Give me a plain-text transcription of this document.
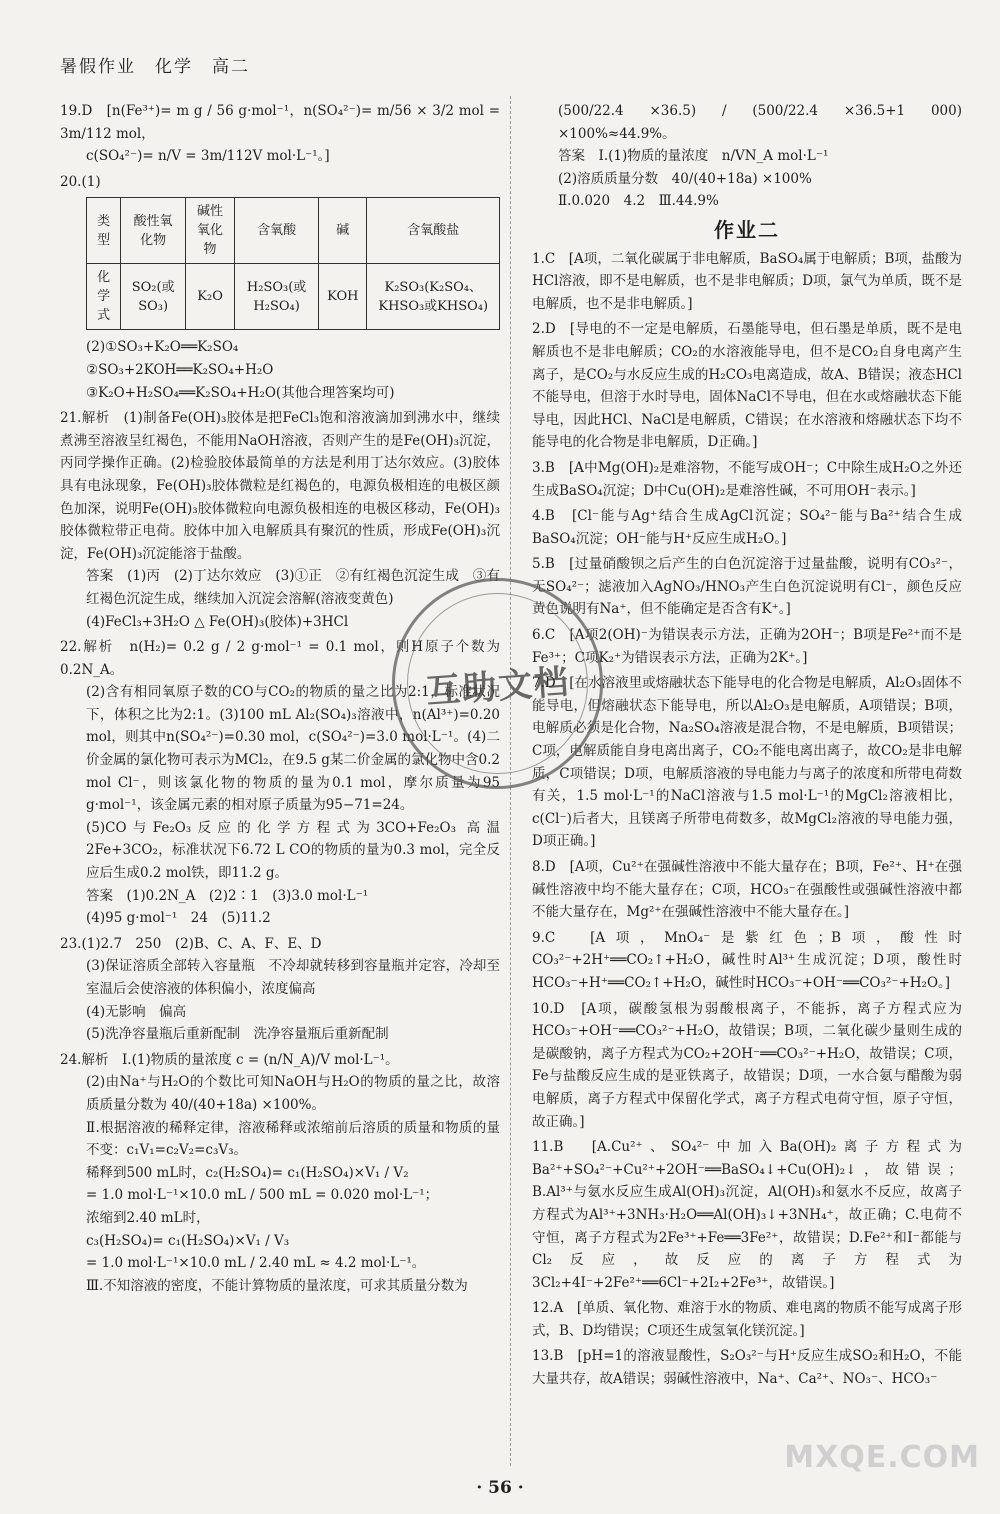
暑假作业　化学　高二

19.D　[n(Fe³⁺)= m g / 56 g·mol⁻¹，n(SO₄²⁻)= m/56 × 3/2 mol = 3m/112 mol，

c(SO₄²⁻)= n/V = 3m/112V mol·L⁻¹。]

20.(1)

类型	酸性氧化物	碱性氧化物	含氧酸	碱	含氧酸盐
化学式	SO₂(或SO₃)	K₂O	H₂SO₃(或H₂SO₄)	KOH	K₂SO₃(K₂SO₄、KHSO₃或KHSO₄)

(2)①SO₃+K₂O══K₂SO₄

②SO₃+2KOH══K₂SO₄+H₂O

③K₂O+H₂SO₄══K₂SO₄+H₂O(其他合理答案均可)

21.解析　(1)制备Fe(OH)₃胶体是把FeCl₃饱和溶液滴加到沸水中，继续煮沸至溶液呈红褐色，不能用NaOH溶液，否则产生的是Fe(OH)₃沉淀，丙同学操作正确。(2)检验胶体最简单的方法是利用丁达尔效应。(3)胶体具有电泳现象，Fe(OH)₃胶体微粒是红褐色的，电源负极相连的电极区颜色加深，说明Fe(OH)₃胶体微粒向电源负极相连的电极区移动，Fe(OH)₃胶体微粒带正电荷。胶体中加入电解质具有聚沉的性质，形成Fe(OH)₃沉淀，Fe(OH)₃沉淀能溶于盐酸。

答案　(1)丙　(2)丁达尔效应　(3)①正　②有红褐色沉淀生成　③有红褐色沉淀生成，继续加入沉淀会溶解(溶液变黄色)

(4)FeCl₃+3H₂O △ Fe(OH)₃(胶体)+3HCl

22.解析　n(H₂)= 0.2 g / 2 g·mol⁻¹ = 0.1 mol，则H原子个数为0.2N_A。

(2)含有相同氧原子数的CO与CO₂的物质的量之比为2:1，标准状况下，体积之比为2:1。(3)100 mL Al₂(SO₄)₃溶液中，n(Al³⁺)=0.20 mol，则其中n(SO₄²⁻)=0.30 mol，c(SO₄²⁻)=3.0 mol·L⁻¹。(4)二价金属的氯化物可表示为MCl₂，在9.5 g某二价金属的氯化物中含0.2 mol Cl⁻，则该氯化物的物质的量为0.1 mol，摩尔质量为95 g·mol⁻¹，该金属元素的相对原子质量为95−71=24。

(5)CO与Fe₂O₃反应的化学方程式为3CO+Fe₂O₃ 高温 2Fe+3CO₂，标准状况下6.72 L CO的物质的量为0.3 mol，完全反应后生成0.2 mol铁，即11.2 g。

答案　(1)0.2N_A　(2)2∶1　(3)3.0 mol·L⁻¹

(4)95 g·mol⁻¹　24　(5)11.2

23.(1)2.7　250　(2)B、C、A、F、E、D

(3)保证溶质全部转入容量瓶　不冷却就转移到容量瓶并定容，冷却至室温后会使溶液的体积偏小，浓度偏高

(4)无影响　偏高

(5)洗净容量瓶后重新配制　洗净容量瓶后重新配制

24.解析　Ⅰ.(1)物质的量浓度 c = (n/N_A)/V mol·L⁻¹。

(2)由Na⁺与H₂O的个数比可知NaOH与H₂O的物质的量之比，故溶质质量分数为 40/(40+18a) ×100%。

Ⅱ.根据溶液的稀释定律，溶液稀释或浓缩前后溶质的质量和物质的量不变：c₁V₁=c₂V₂=c₃V₃。

稀释到500 mL时，c₂(H₂SO₄)= c₁(H₂SO₄)×V₁ / V₂

= 1.0 mol·L⁻¹×10.0 mL / 500 mL = 0.020 mol·L⁻¹；

浓缩到2.40 mL时，

c₃(H₂SO₄)= c₁(H₂SO₄)×V₁ / V₃

= 1.0 mol·L⁻¹×10.0 mL / 2.40 mL ≈ 4.2 mol·L⁻¹。

Ⅲ.不知溶液的密度，不能计算物质的量浓度，可求其质量分数为

(500/22.4 ×36.5) / (500/22.4 ×36.5+1 000) ×100%≈44.9%。

答案　Ⅰ.(1)物质的量浓度　n/VN_A mol·L⁻¹

(2)溶质质量分数　40/(40+18a) ×100%

Ⅱ.0.020　4.2　Ⅲ.44.9%

作业二

1.C　[A项，二氧化碳属于非电解质，BaSO₄属于电解质；B项，盐酸为HCl溶液，即不是电解质，也不是非电解质；D项，氯气为单质，既不是电解质，也不是非电解质。]

2.D　[导电的不一定是电解质，石墨能导电，但石墨是单质，既不是电解质也不是非电解质；CO₂的水溶液能导电，但不是CO₂自身电离产生离子，是CO₂与水反应生成的H₂CO₃电离造成，故A、B错误；液态HCl不能导电，但溶于水时导电，固体NaCl不导电，但在水或熔融状态下能导电，因此HCl、NaCl是电解质，C错误；在水溶液和熔融状态下均不能导电的化合物是非电解质，D正确。]

3.B　[A中Mg(OH)₂是难溶物，不能写成OH⁻；C中除生成H₂O之外还生成BaSO₄沉淀；D中Cu(OH)₂是难溶性碱，不可用OH⁻表示。]

4.B　[Cl⁻能与Ag⁺结合生成AgCl沉淀；SO₄²⁻能与Ba²⁺结合生成BaSO₄沉淀；OH⁻能与H⁺反应生成H₂O。]

5.B　[过量硝酸钡之后产生的白色沉淀溶于过量盐酸，说明有CO₃²⁻，无SO₄²⁻；滤液加入AgNO₃/HNO₃产生白色沉淀说明有Cl⁻，颜色反应黄色说明有Na⁺，但不能确定是否含有K⁺。]

6.C　[A项2(OH)⁻为错误表示方法，正确为2OH⁻；B项是Fe²⁺而不是Fe³⁺；C项K₂⁺为错误表示方法，正确为2K⁺。]

7.D　[在水溶液里或熔融状态下能导电的化合物是电解质，Al₂O₃固体不能导电，但熔融状态下能导电，所以Al₂O₃是电解质，A项错误；B项，电解质必须是化合物，Na₂SO₄溶液是混合物，不是电解质，B项错误；C项，电解质能自身电离出离子，CO₂不能电离出离子，故CO₂是非电解质，C项错误；D项，电解质溶液的导电能力与离子的浓度和所带电荷数有关，1.5 mol·L⁻¹的NaCl溶液与1.5 mol·L⁻¹的MgCl₂溶液相比，c(Cl⁻)后者大，且镁离子所带电荷数多，故MgCl₂溶液的导电能力强，D项正确。]

8.D　[A项，Cu²⁺在强碱性溶液中不能大量存在；B项，Fe²⁺、H⁺在强碱性溶液中均不能大量存在；C项，HCO₃⁻在强酸性或强碱性溶液中都不能大量存在，Mg²⁺在强碱性溶液中不能大量存在。]

9.C　[A项，MnO₄⁻是紫红色；B项，酸性时CO₃²⁻+2H⁺══CO₂↑+H₂O，碱性时Al³⁺生成沉淀；D项，酸性时HCO₃⁻+H⁺══CO₂↑+H₂O，碱性时HCO₃⁻+OH⁻══CO₃²⁻+H₂O。]

10.D　[A项，碳酸氢根为弱酸根离子，不能拆，离子方程式应为HCO₃⁻+OH⁻══CO₃²⁻+H₂O，故错误；B项，二氧化碳少量则生成的是碳酸钠，离子方程式为CO₂+2OH⁻══CO₃²⁻+H₂O，故错误；C项，Fe与盐酸反应生成的是亚铁离子，故错误；D项，一水合氨与醋酸为弱电解质，离子方程式中保留化学式，离子方程式电荷守恒，原子守恒，故正确。]

11.B　[A.Cu²⁺、SO₄²⁻中加入Ba(OH)₂离子方程式为Ba²⁺+SO₄²⁻+Cu²⁺+2OH⁻══BaSO₄↓+Cu(OH)₂↓，故错误；B.Al³⁺与氨水反应生成Al(OH)₃沉淀，Al(OH)₃和氨水不反应，故离子方程式为Al³⁺+3NH₃·H₂O══Al(OH)₃↓+3NH₄⁺，故正确；C.电荷不守恒，离子方程式为2Fe³⁺+Fe══3Fe²⁺，故错误；D.Fe²⁺和I⁻都能与Cl₂反应，故反应的离子方程式为3Cl₂+4I⁻+2Fe²⁺══6Cl⁻+2I₂+2Fe³⁺，故错误。]

12.A　[单质、氧化物、难溶于水的物质、难电离的物质不能写成离子形式，B、D均错误；C项还生成氢氧化镁沉淀。]

13.B　[pH=1的溶液显酸性，S₂O₃²⁻与H⁺反应生成SO₂和H₂O，不能大量共存，故A错误；弱碱性溶液中，Na⁺、Ca²⁺、NO₃⁻、HCO₃⁻

互助文档
· 56 ·
MXQE.COM
